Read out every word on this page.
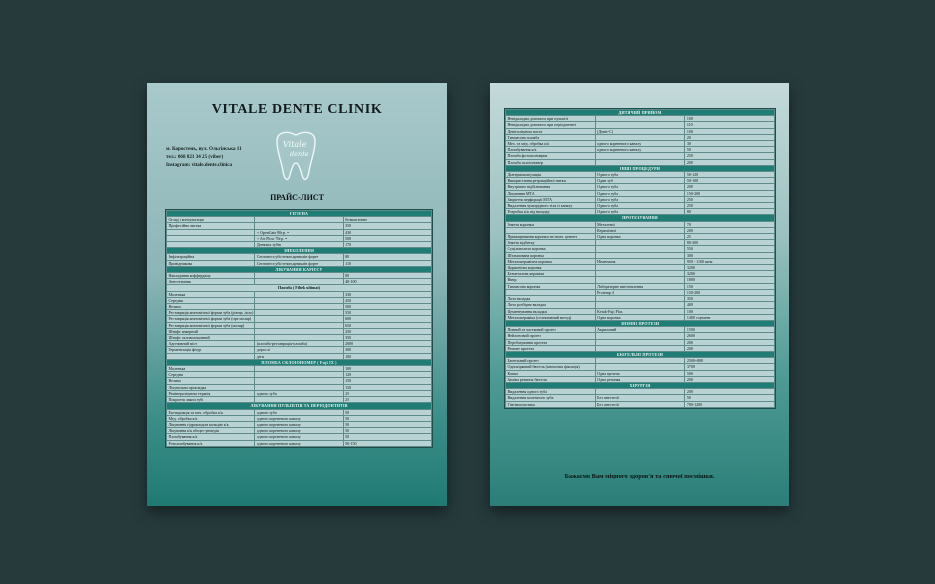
VITALE DENTE CLINIK
Vitale
dente
м. Коростень, вул. Ольгінська 11
тел.: 068 821 34 25 (viber)
Instagram: vitale.dente.clinica
ПРАЙС-ЛИСТ
ГІГІЄНА		
Огляд і консультація		безкоштовно
Професійна чистка		350
	+ OpenGate 80гр. =	430
	+ Air Flow 70гр. =	500
	Дитячих зубів	170
ЗНЕБОЛЕННЯ		
Інфільтраційна	Септонест,убістезин,артикаїн форте	80
Провідникова	Септонест,убістезин,артикаїн форте	110
ЛІКУВАННЯ КАРІЄСУ		
Накладання коффердаму		80
Анестезиння		40-100
Пломба ( Filtek ultimat)		
Маленька		330
Середня		450
Велика		500
Реставрація анатомічної форми зуба (різець ,ікло)		550
Реставрація анатомічної форми зуба (пре моляр)		600
Реставрація анатомічної форми зуба (моляр)		650
Штифт анкерний		250
Штифт скловолоконний		350
Адгезивний міст	(пломба-реставрація-пломба)	2000
Герметизація фісур	дорослі	300
	діти	100
ПЛОМБА СКЛОІОНОМЕР ( Fuji IX )		
Маленька		100
Середня		120
Велика		150
Лікувальна прокладка		150
Ремінералізуюча терапія	одного зуба	25
Покриття лаком зубі		25
ЛІКУВАННЯ ПУЛЬПІТІВ ТА ПЕРІОДОНТИТІВ		
Екстирпація та мех. обробка к/к	одного зуба	50
Мед. обробка к/к	одного кореневого каналу	50
Лікування гідроксидом кальцію к/к	одного кореневого каналу	50
Лікування к/к абсцес-ремедія	одного кореневого каналу	50
Пломбування к/к	одного кореневого каналу	50
Розпломбування к/к	одного кореневого каналу	50-150
ДИТЯЧИЙ ПРИЙОМ		
Невідкладна допомога при пульпіті		100
Невідкладна допомога при періодонтиті		110
Девіталізуюча паста	(Девіт-С)	100
Тимчасова пломба		20
Мех. та мед. обробка к/к	одного кореневого каналу	30
Пломбування к/к	одного кореневого каналу	50
Пломба фотополімерна		250
Пломба склоіономер		200
ІНШІ ПРОЦЕДУРИ		
Діатермокоагуляція	Одного зуба	50-120
Використання ретракційної нитки	Один зуб	50-100
Внутрішнє відбілювання	Одного зуба	200
Лікування МТА	Одного зуба	150-200
Закриття перфорації МТА	Одного зуба	250
Видалення чужорідного тіла із каналу	Одного зуба	250
Розробка к/к під вкладку	Одного зуба	80
ПРОТЕЗУВАННЯ		
Зняття коронки	Металевої	70
	Керамічної	200
Примацювання коронки на тимч. цемент	Одна коронка	25
Зняття відбитку		80-300
Суцільнолита коронка		550
Штампована коронка		300
Металокерамічна коронка	Німеччина	950 - 1100 шем
Цирконієва коронка		3200
Безметалева кераміка		3200
Вінір		1800
Тимчасова коронка	Лабораторне виготовлення	150
	Protemp 4	150-200
Лита вкладка		350
Лита розбірна вкладка		400
Цементування вкладки	Ketak-Fuji Plus	100
Металокераміка (селективний метод)	Одна коронка	1400 з цемент
ЗНІМНІ ПРОТЕЗИ		
Повний та частковий протез	Акриловий	1500
Нейлоновий протез		2600
Перебазування протеза		200
Ремонт протеза		200
БЮГЕЛЬНІ ПРОТЕЗИ		
Бюгельний протез		2500+800
Однокірковий бюгель (кнопочна фіксація)		3700
Каппа	Одна щелепа	500
Заміна резинок бюгеля	Одна резинка	200
ХІРУРГІЯ		
Видалення одного зуба		200
Видалення молочного зуба	Без анестезії	50
Гінгівопластика	Без анестезії	700-1200
Бажаємо Вам міцного здоров'я та сяючої посмішки.
